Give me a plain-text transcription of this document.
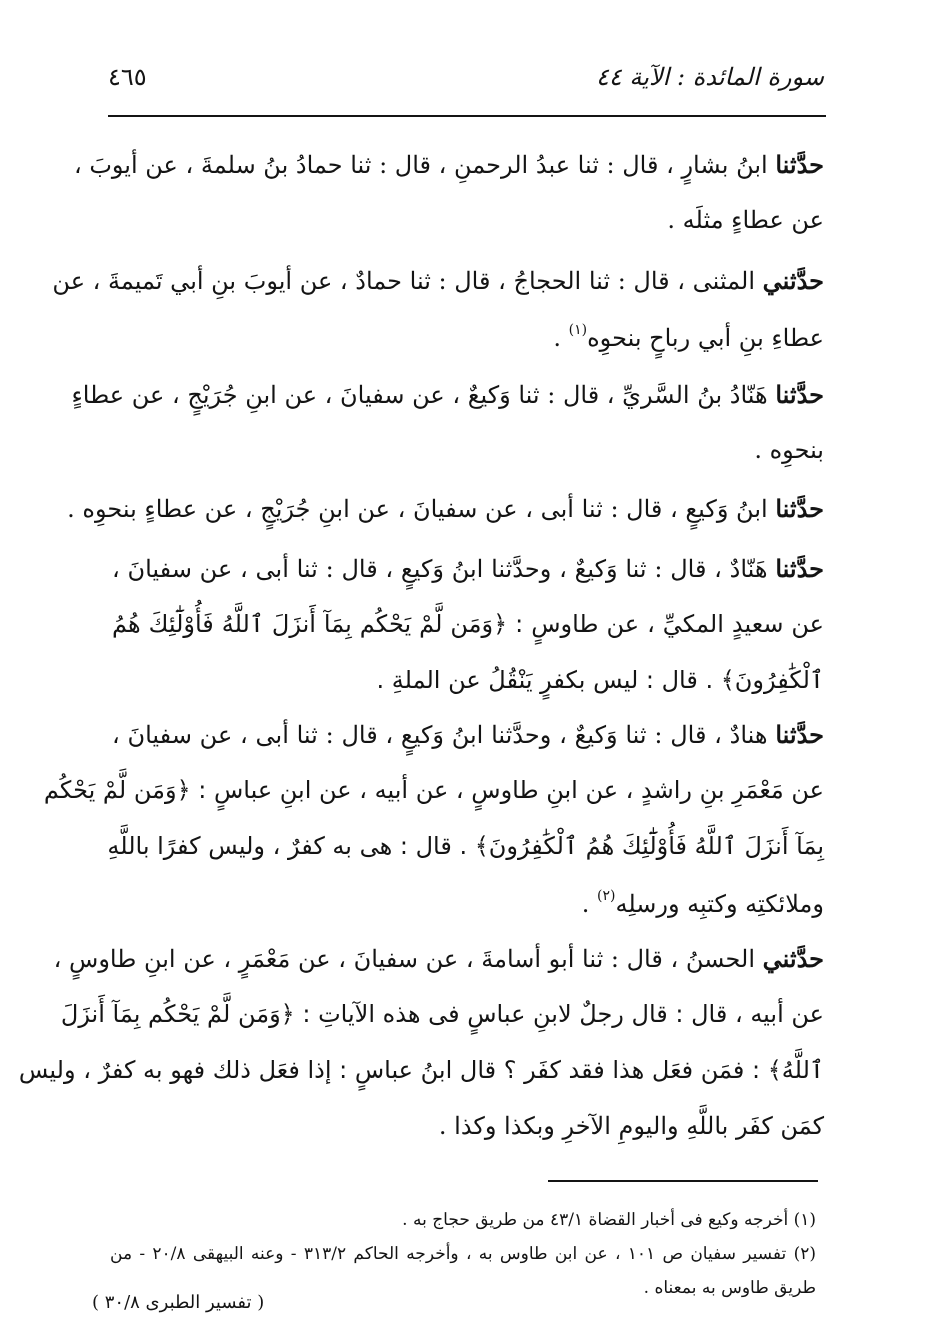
سورة المائدة : الآية ٤٤
٤٦٥
حدَّثنا ابنُ بشارٍ ، قال : ثنا عبدُ الرحمنِ ، قال : ثنا حمادُ بنُ سلمةَ ، عن أيوبَ ،
عن عطاءٍ مثلَه .
حدَّثني المثنى ، قال : ثنا الحجاجُ ، قال : ثنا حمادٌ ، عن أيوبَ بنِ أبي تَميمةَ ، عن
عطاءِ بنِ أبي رباحٍ بنحوِه$^{(١)}$ .
حدَّثنا هَنّادُ بنُ السَّريِّ ، قال : ثنا وَكيعٌ ، عن سفيانَ ، عن ابنِ جُرَيْجٍ ، عن عطاءٍ
بنحوِه .
حدَّثنا ابنُ وَكيعٍ ، قال : ثنا أبى ، عن سفيانَ ، عن ابنِ جُرَيْجٍ ، عن عطاءٍ بنحوِه .
حدَّثنا هَنّادٌ ، قال : ثنا وَكيعٌ ، وحدَّثنا ابنُ وَكيعٍ ، قال : ثنا أبى ، عن سفيانَ ،
عن سعيدٍ المكيِّ ، عن طاوسٍ : ﴿وَمَن لَّمْ يَحْكُم بِمَآ أَنزَلَ ٱللَّهُ فَأُوْلَٰٓئِكَ هُمُ
ٱلْكَٰفِرُونَ﴾ . قال : ليس بكفرٍ يَنْقُلُ عن الملةِ .
حدَّثنا هنادٌ ، قال : ثنا وَكيعٌ ، وحدَّثنا ابنُ وَكيعٍ ، قال : ثنا أبى ، عن سفيانَ ،
عن مَعْمَرِ بنِ راشدٍ ، عن ابنِ طاوسٍ ، عن أبيه ، عن ابنِ عباسٍ : ﴿وَمَن لَّمْ يَحْكُم
بِمَآ أَنزَلَ ٱللَّهُ فَأُوْلَٰٓئِكَ هُمُ ٱلْكَٰفِرُونَ﴾ . قال : هى به كفرٌ ، وليس كفرًا باللَّهِ
وملائكتِه وكتبِه ورسلِه$^{(٢)}$ .
حدَّثني الحسنُ ، قال : ثنا أبو أسامةَ ، عن سفيانَ ، عن مَعْمَرٍ ، عن ابنِ طاوسٍ ،
عن أبيه ، قال : قال رجلٌ لابنِ عباسٍ فى هذه الآياتِ : ﴿وَمَن لَّمْ يَحْكُم بِمَآ أَنزَلَ
ٱللَّهُ﴾ : فمَن فعَل هذا فقد كفَر ؟ قال ابنُ عباسٍ : إذا فعَل ذلك فهو به كفرٌ ، وليس
كمَن كفَر باللَّهِ واليومِ الآخرِ وبكذا وكذا .
(١) أخرجه وكيع فى أخبار القضاة ٤٣/١ من طريق حجاج به .
(٢) تفسير سفيان ص ١٠١ ، عن ابن طاوس به ، وأخرجه الحاكم ٣١٣/٢ - وعنه البيهقى ٢٠/٨ - من
طريق طاوس به بمعناه .
( تفسير الطبرى ٣٠/٨ )
